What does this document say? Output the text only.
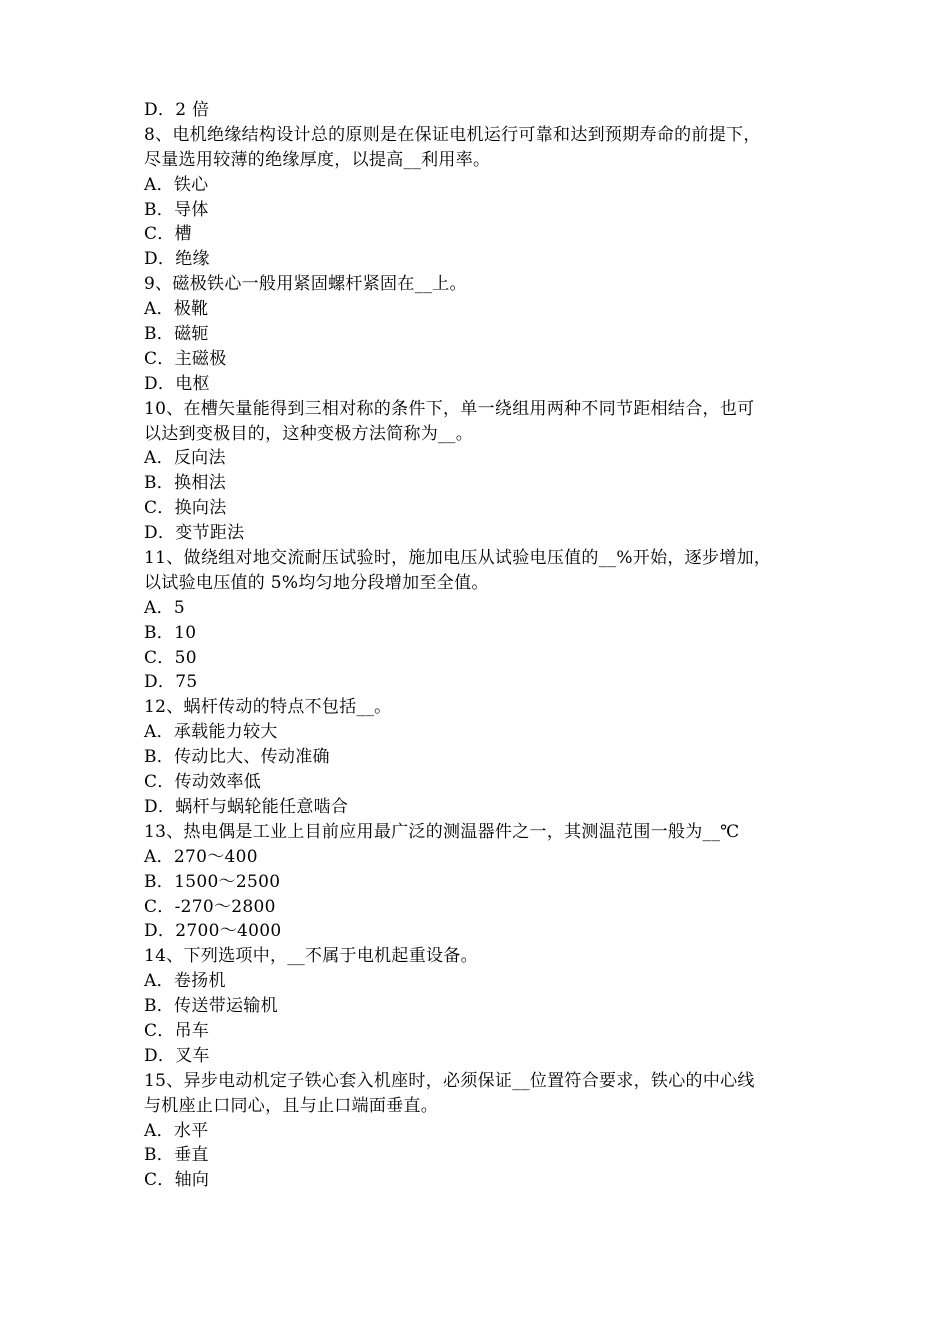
D．2 倍
8、电机绝缘结构设计总的原则是在保证电机运行可靠和达到预期寿命的前提下，
尽量选用较薄的绝缘厚度，以提高__利用率。
A．铁心
B．导体
C．槽
D．绝缘
9、磁极铁心一般用紧固螺杆紧固在__上。
A．极靴
B．磁轭
C．主磁极
D．电枢
10、在槽矢量能得到三相对称的条件下，单一绕组用两种不同节距相结合，也可
以达到变极目的，这种变极方法简称为__。
A．反向法
B．换相法
C．换向法
D．变节距法
11、做绕组对地交流耐压试验时，施加电压从试验电压值的__%开始，逐步增加，
以试验电压值的 5%均匀地分段增加至全值。
A．5
B．10
C．50
D．75
12、蜗杆传动的特点不包括__。
A．承载能力较大
B．传动比大、传动准确
C．传动效率低
D．蜗杆与蜗轮能任意啮合
13、热电偶是工业上目前应用最广泛的测温器件之一，其测温范围一般为__℃
A．270～400
B．1500～2500
C．-270～2800
D．2700～4000
14、下列选项中，__不属于电机起重设备。
A．卷扬机
B．传送带运输机
C．吊车
D．叉车
15、异步电动机定子铁心套入机座时，必须保证__位置符合要求，铁心的中心线
与机座止口同心，且与止口端面垂直。
A．水平
B．垂直
C．轴向
